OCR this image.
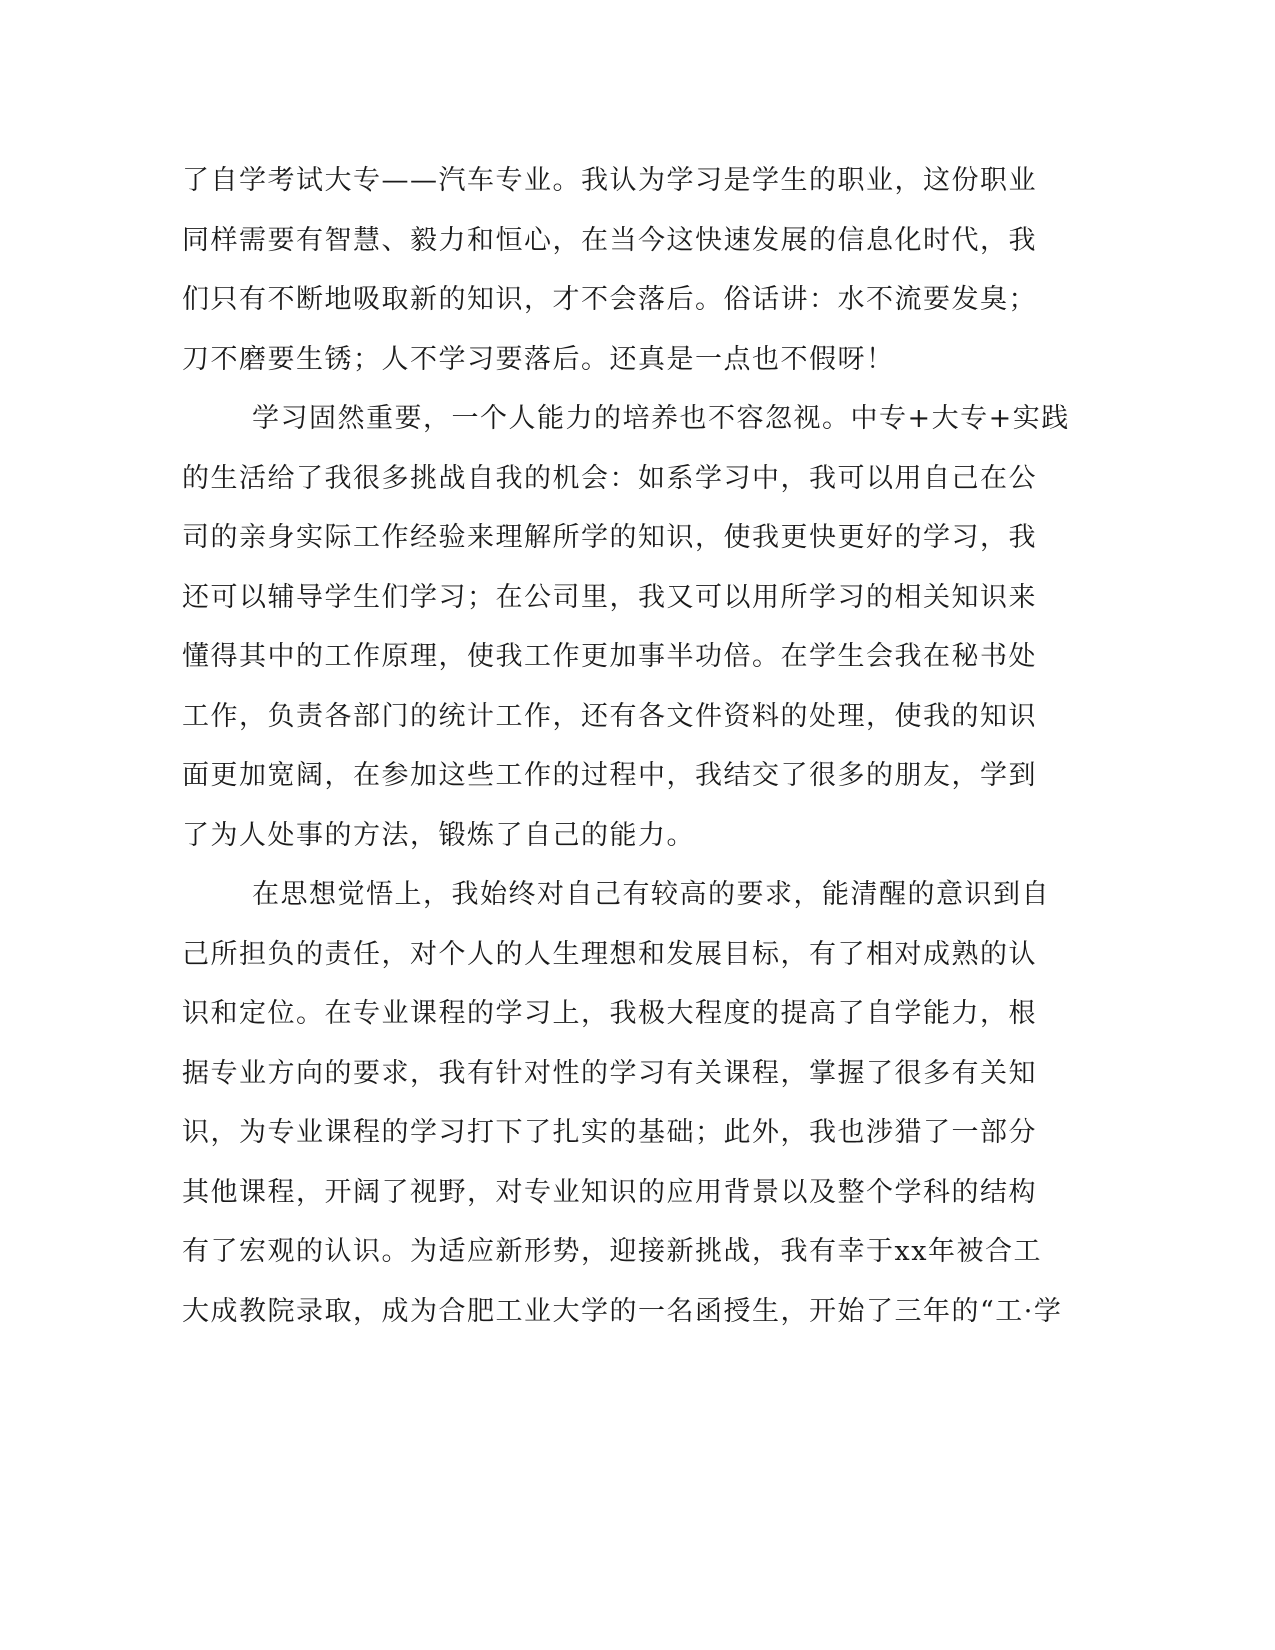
了自学考试大专——汽车专业。我认为学习是学生的职业，这份职业
同样需要有智慧、毅力和恒心，在当今这快速发展的信息化时代，我
们只有不断地吸取新的知识，才不会落后。俗话讲：水不流要发臭；
刀不磨要生锈；人不学习要落后。还真是一点也不假呀！
学习固然重要，一个人能力的培养也不容忽视。中专+大专+实践
的生活给了我很多挑战自我的机会：如系学习中，我可以用自己在公
司的亲身实际工作经验来理解所学的知识，使我更快更好的学习，我
还可以辅导学生们学习；在公司里，我又可以用所学习的相关知识来
懂得其中的工作原理，使我工作更加事半功倍。在学生会我在秘书处
工作，负责各部门的统计工作，还有各文件资料的处理，使我的知识
面更加宽阔，在参加这些工作的过程中，我结交了很多的朋友，学到
了为人处事的方法，锻炼了自己的能力。
在思想觉悟上，我始终对自己有较高的要求，能清醒的意识到自
己所担负的责任，对个人的人生理想和发展目标，有了相对成熟的认
识和定位。在专业课程的学习上，我极大程度的提高了自学能力，根
据专业方向的要求，我有针对性的学习有关课程，掌握了很多有关知
识，为专业课程的学习打下了扎实的基础；此外，我也涉猎了一部分
其他课程，开阔了视野，对专业知识的应用背景以及整个学科的结构
有了宏观的认识。为适应新形势，迎接新挑战，我有幸于xx年被合工
大成教院录取，成为合肥工业大学的一名函授生，开始了三年的“工·学
